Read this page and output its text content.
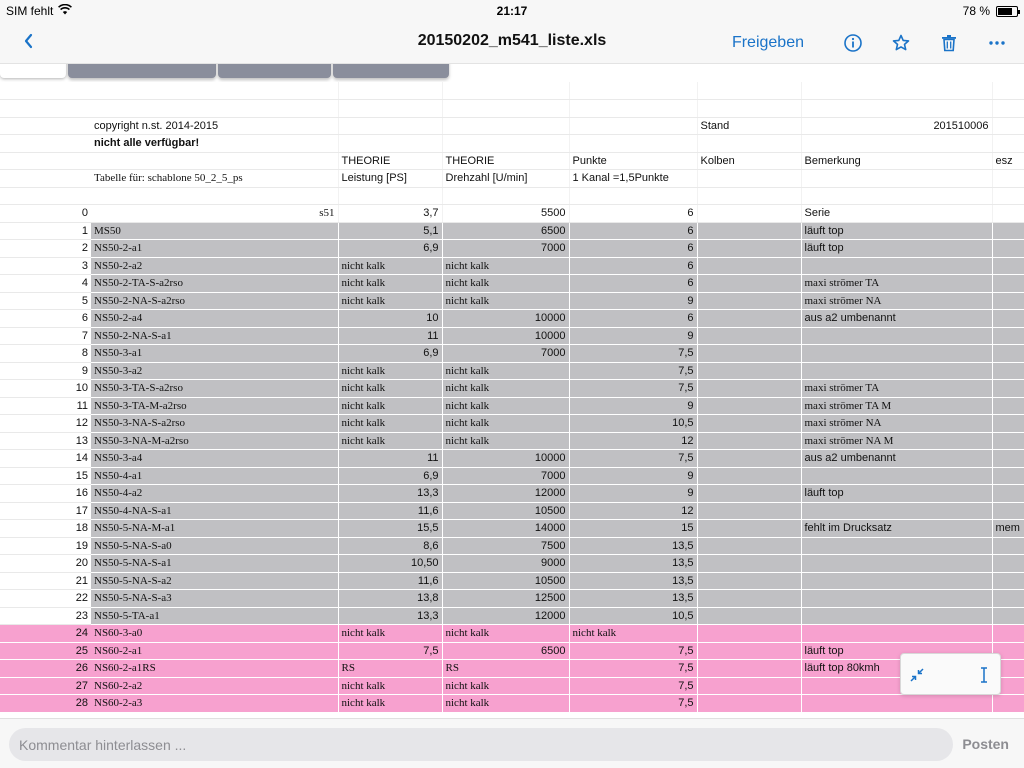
SIM fehlt	21:17	78 %
20150202_m541_liste.xls	Freigeben

	copyright n.st. 2014-2015				Stand	201510006	
	nicht alle verfügbar!						
		THEORIE	THEORIE	Punkte	Kolben	Bemerkung	esz
	Tabelle für: schablone 50_2_5_ps	Leistung [PS]	Drehzahl [U/min]	1 Kanal =1,5Punkte			

0	s51	3,7	5500	6		Serie	
1	MS50	5,1	6500	6		läuft top	
2	NS50-2-a1	6,9	7000	6		läuft top	
3	NS50-2-a2	nicht kalk	nicht kalk	6			
4	NS50-2-TA-S-a2rso	nicht kalk	nicht kalk	6		maxi strömer TA	
5	NS50-2-NA-S-a2rso	nicht kalk	nicht kalk	9		maxi strömer NA	
6	NS50-2-a4	10	10000	6		aus a2 umbenannt	
7	NS50-2-NA-S-a1	11	10000	9			
8	NS50-3-a1	6,9	7000	7,5			
9	NS50-3-a2	nicht kalk	nicht kalk	7,5			
10	NS50-3-TA-S-a2rso	nicht kalk	nicht kalk	7,5		maxi strömer TA	
11	NS50-3-TA-M-a2rso	nicht kalk	nicht kalk	9		maxi strömer TA M	
12	NS50-3-NA-S-a2rso	nicht kalk	nicht kalk	10,5		maxi strömer NA	
13	NS50-3-NA-M-a2rso	nicht kalk	nicht kalk	12		maxi strömer NA M	
14	NS50-3-a4	11	10000	7,5		aus a2 umbenannt	
15	NS50-4-a1	6,9	7000	9			
16	NS50-4-a2	13,3	12000	9		läuft top	
17	NS50-4-NA-S-a1	11,6	10500	12			
18	NS50-5-NA-M-a1	15,5	14000	15		fehlt im Drucksatz	mem
19	NS50-5-NA-S-a0	8,6	7500	13,5			
20	NS50-5-NA-S-a1	10,50	9000	13,5			
21	NS50-5-NA-S-a2	11,6	10500	13,5			
22	NS50-5-NA-S-a3	13,8	12500	13,5			
23	NS50-5-TA-a1	13,3	12000	10,5			
24	NS60-3-a0	nicht kalk	nicht kalk	nicht kalk			
25	NS60-2-a1	7,5	6500	7,5		läuft top	
26	NS60-2-a1RS	RS	RS	7,5		läuft top 80kmh	
27	NS60-2-a2	nicht kalk	nicht kalk	7,5			
28	NS60-2-a3	nicht kalk	nicht kalk	7,5			
Kommentar hinterlassen ...
Posten
